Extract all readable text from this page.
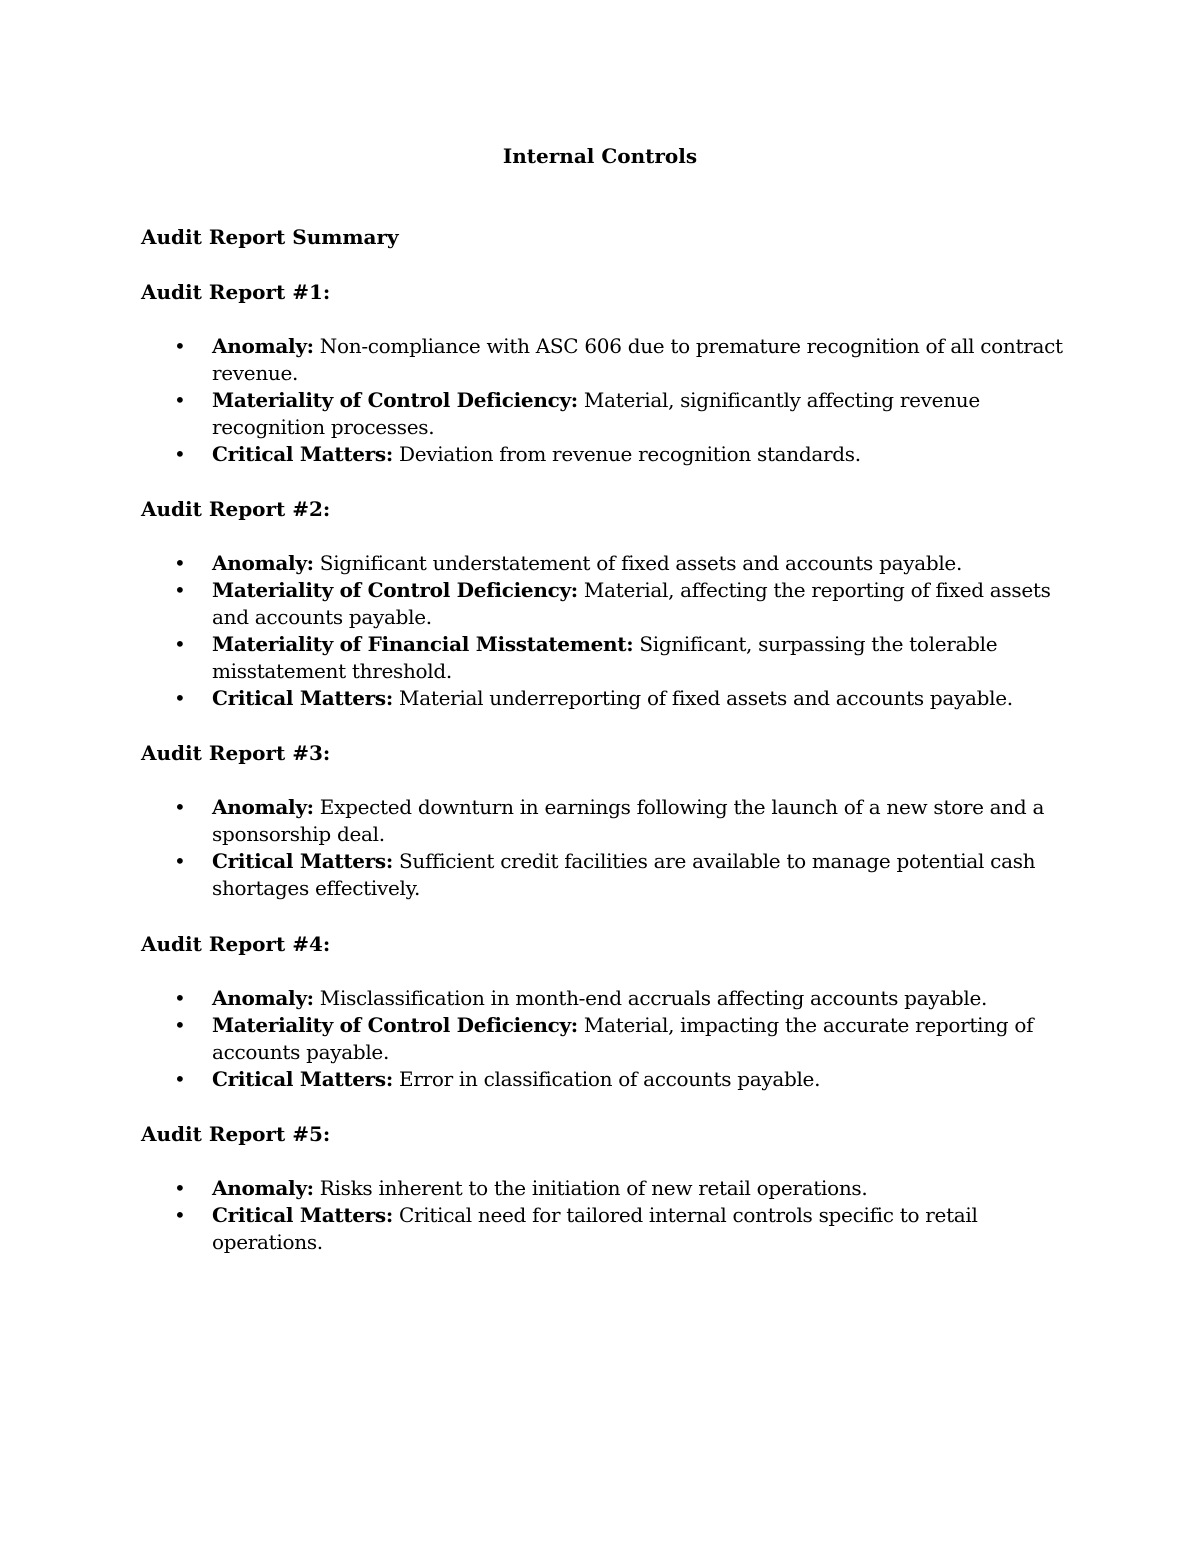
Internal Controls
Audit Report Summary
Audit Report #1:
• Anomaly: Non-compliance with ASC 606 due to premature recognition of all contract revenue.
• Materiality of Control Deficiency: Material, significantly affecting revenue recognition processes.
• Critical Matters: Deviation from revenue recognition standards.
Audit Report #2:
• Anomaly: Significant understatement of fixed assets and accounts payable.
• Materiality of Control Deficiency: Material, affecting the reporting of fixed assets and accounts payable.
• Materiality of Financial Misstatement: Significant, surpassing the tolerable misstatement threshold.
• Critical Matters: Material underreporting of fixed assets and accounts payable.
Audit Report #3:
• Anomaly: Expected downturn in earnings following the launch of a new store and a sponsorship deal.
• Critical Matters: Sufficient credit facilities are available to manage potential cash shortages effectively.
Audit Report #4:
• Anomaly: Misclassification in month-end accruals affecting accounts payable.
• Materiality of Control Deficiency: Material, impacting the accurate reporting of accounts payable.
• Critical Matters: Error in classification of accounts payable.
Audit Report #5:
• Anomaly: Risks inherent to the initiation of new retail operations.
• Critical Matters: Critical need for tailored internal controls specific to retail operations.
